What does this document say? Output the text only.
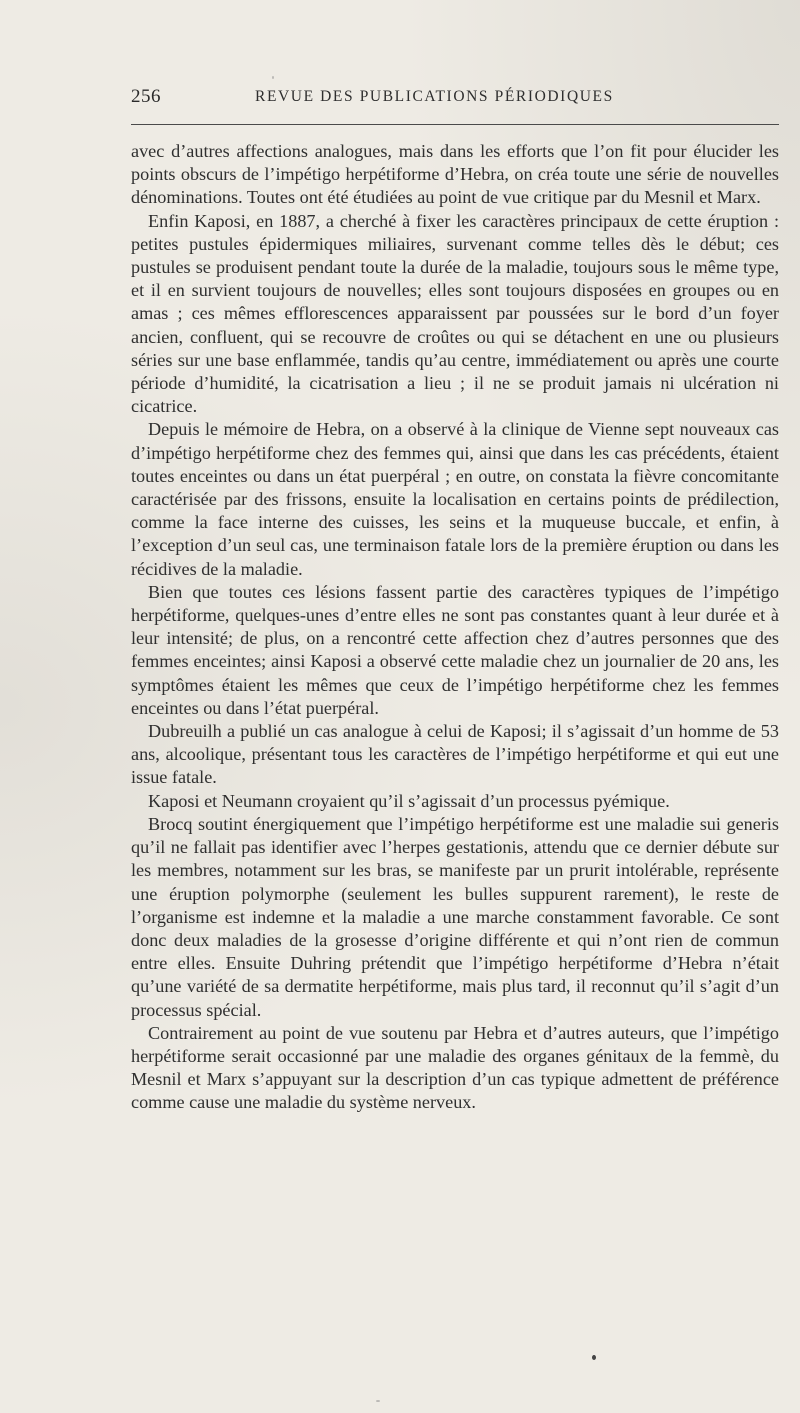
256	REVUE DES PUBLICATIONS PÉRIODIQUES

avec d’autres affections analogues, mais dans les efforts que l’on fit pour élucider les points obscurs de l’impétigo herpétiforme d’Hebra, on créa toute une série de nouvelles dénominations. Toutes ont été étudiées au point de vue critique par du Mesnil et Marx.

Enfin Kaposi, en 1887, a cherché à fixer les caractères principaux de cette éruption : petites pustules épidermiques miliaires, survenant comme telles dès le début; ces pustules se produisent pendant toute la durée de la maladie, toujours sous le même type, et il en survient toujours de nouvelles; elles sont toujours disposées en groupes ou en amas ; ces mêmes efflorescences apparaissent par poussées sur le bord d’un foyer ancien, confluent, qui se recouvre de croûtes ou qui se détachent en une ou plusieurs séries sur une base enflammée, tandis qu’au centre, immédiatement ou après une courte période d’humidité, la cicatrisation a lieu ; il ne se produit jamais ni ulcération ni cicatrice.

Depuis le mémoire de Hebra, on a observé à la clinique de Vienne sept nouveaux cas d’impétigo herpétiforme chez des femmes qui, ainsi que dans les cas précédents, étaient toutes enceintes ou dans un état puerpéral ; en outre, on constata la fièvre concomitante caractérisée par des frissons, ensuite la localisation en certains points de prédilection, comme la face interne des cuisses, les seins et la muqueuse buccale, et enfin, à l’exception d’un seul cas, une terminaison fatale lors de la première éruption ou dans les récidives de la maladie.

Bien que toutes ces lésions fassent partie des caractères typiques de l’impétigo herpétiforme, quelques-unes d’entre elles ne sont pas constantes quant à leur durée et à leur intensité; de plus, on a rencontré cette affection chez d’autres personnes que des femmes enceintes; ainsi Kaposi a observé cette maladie chez un journalier de 20 ans, les symptômes étaient les mêmes que ceux de l’impétigo herpétiforme chez les femmes enceintes ou dans l’état puerpéral.

Dubreuilh a publié un cas analogue à celui de Kaposi; il s’agissait d’un homme de 53 ans, alcoolique, présentant tous les caractères de l’impétigo herpétiforme et qui eut une issue fatale.

Kaposi et Neumann croyaient qu’il s’agissait d’un processus pyémique.

Brocq soutint énergiquement que l’impétigo herpétiforme est une maladie sui generis qu’il ne fallait pas identifier avec l’herpes gestationis, attendu que ce dernier débute sur les membres, notamment sur les bras, se manifeste par un prurit intolérable, représente une éruption polymorphe (seulement les bulles suppurent rarement), le reste de l’organisme est indemne et la maladie a une marche constamment favorable. Ce sont donc deux maladies de la grosesse d’origine différente et qui n’ont rien de commun entre elles. Ensuite Duhring prétendit que l’impétigo herpétiforme d’Hebra n’était qu’une variété de sa dermatite herpétiforme, mais plus tard, il reconnut qu’il s’agit d’un processus spécial.

Contrairement au point de vue soutenu par Hebra et d’autres auteurs, que l’impétigo herpétiforme serait occasionné par une maladie des organes génitaux de la femmè, du Mesnil et Marx s’appuyant sur la description d’un cas typique admettent de préférence comme cause une maladie du système nerveux.
